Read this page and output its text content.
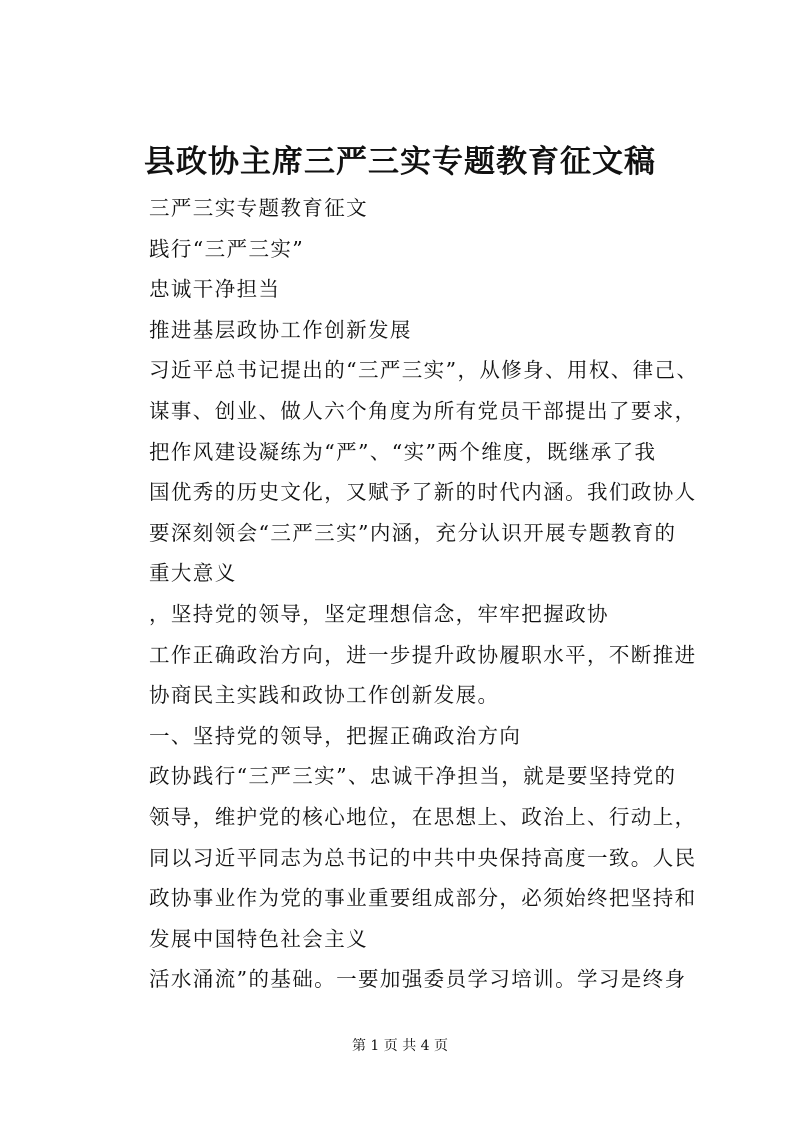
县政协主席三严三实专题教育征文稿
三严三实专题教育征文
践行“三严三实”
忠诚干净担当
推进基层政协工作创新发展
习近平总书记提出的“三严三实”，从修身、用权、律己、
谋事、创业、做人六个角度为所有党员干部提出了要求，
把作风建设凝练为“严”、“实”两个维度，既继承了我
国优秀的历史文化，又赋予了新的时代内涵。我们政协人
要深刻领会“三严三实”内涵，充分认识开展专题教育的
重大意义
，坚持党的领导，坚定理想信念，牢牢把握政协
工作正确政治方向，进一步提升政协履职水平，不断推进
协商民主实践和政协工作创新发展。
一、坚持党的领导，把握正确政治方向
政协践行“三严三实”、忠诚干净担当，就是要坚持党的
领导，维护党的核心地位，在思想上、政治上、行动上，
同以习近平同志为总书记的中共中央保持高度一致。人民
政协事业作为党的事业重要组成部分，必须始终把坚持和
发展中国特色社会主义
活水涌流”的基础。一要加强委员学习培训。学习是终身
第 1 页 共 4 页
